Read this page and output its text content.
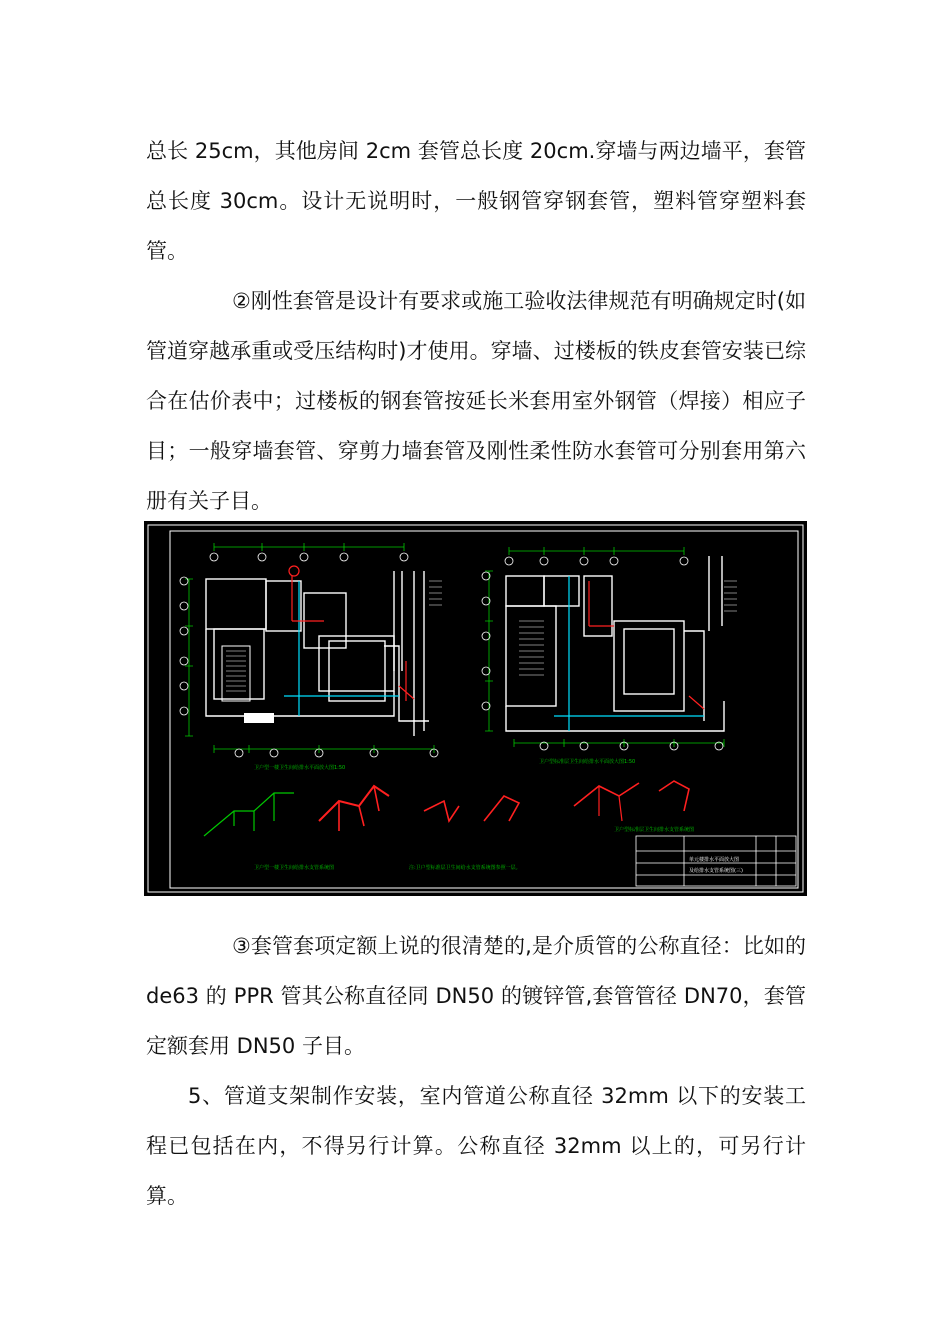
总长 25cm，其他房间 2cm 套管总长度 20cm.穿墙与两边墙平，套管总长度 30cm。设计无说明时，一般钢管穿钢套管，塑料管穿塑料套管。

②刚性套管是设计有要求或施工验收法律规范有明确规定时(如管道穿越承重或受压结构时)才使用。穿墙、过楼板的铁皮套管安装已综合在估价表中；过楼板的钢套管按延长米套用室外钢管（焊接）相应子目；一般穿墙套管、穿剪力墙套管及刚性柔性防水套管可分别套用第六册有关子目。

卫户型一楼卫生间给排水平面放大图1:50
卫户型标准层卫生间给排水平面放大图1:50
卫户型一楼卫生间给排水支管系统图	注:卫户型标准层卫生间给水支管系统图参照一层。
卫户型标准层卫生间排水支管系统图
单元楼排水平面放大图
及给排水支管系统图(三)

③套管套项定额上说的很清楚的,是介质管的公称直径：比如的 de63 的 PPR 管其公称直径同 DN50 的镀锌管,套管管径 DN70，套管定额套用 DN50 子目。

5、管道支架制作安装，室内管道公称直径 32mm 以下的安装工程已包括在内，不得另行计算。公称直径 32mm 以上的，可另行计算。
